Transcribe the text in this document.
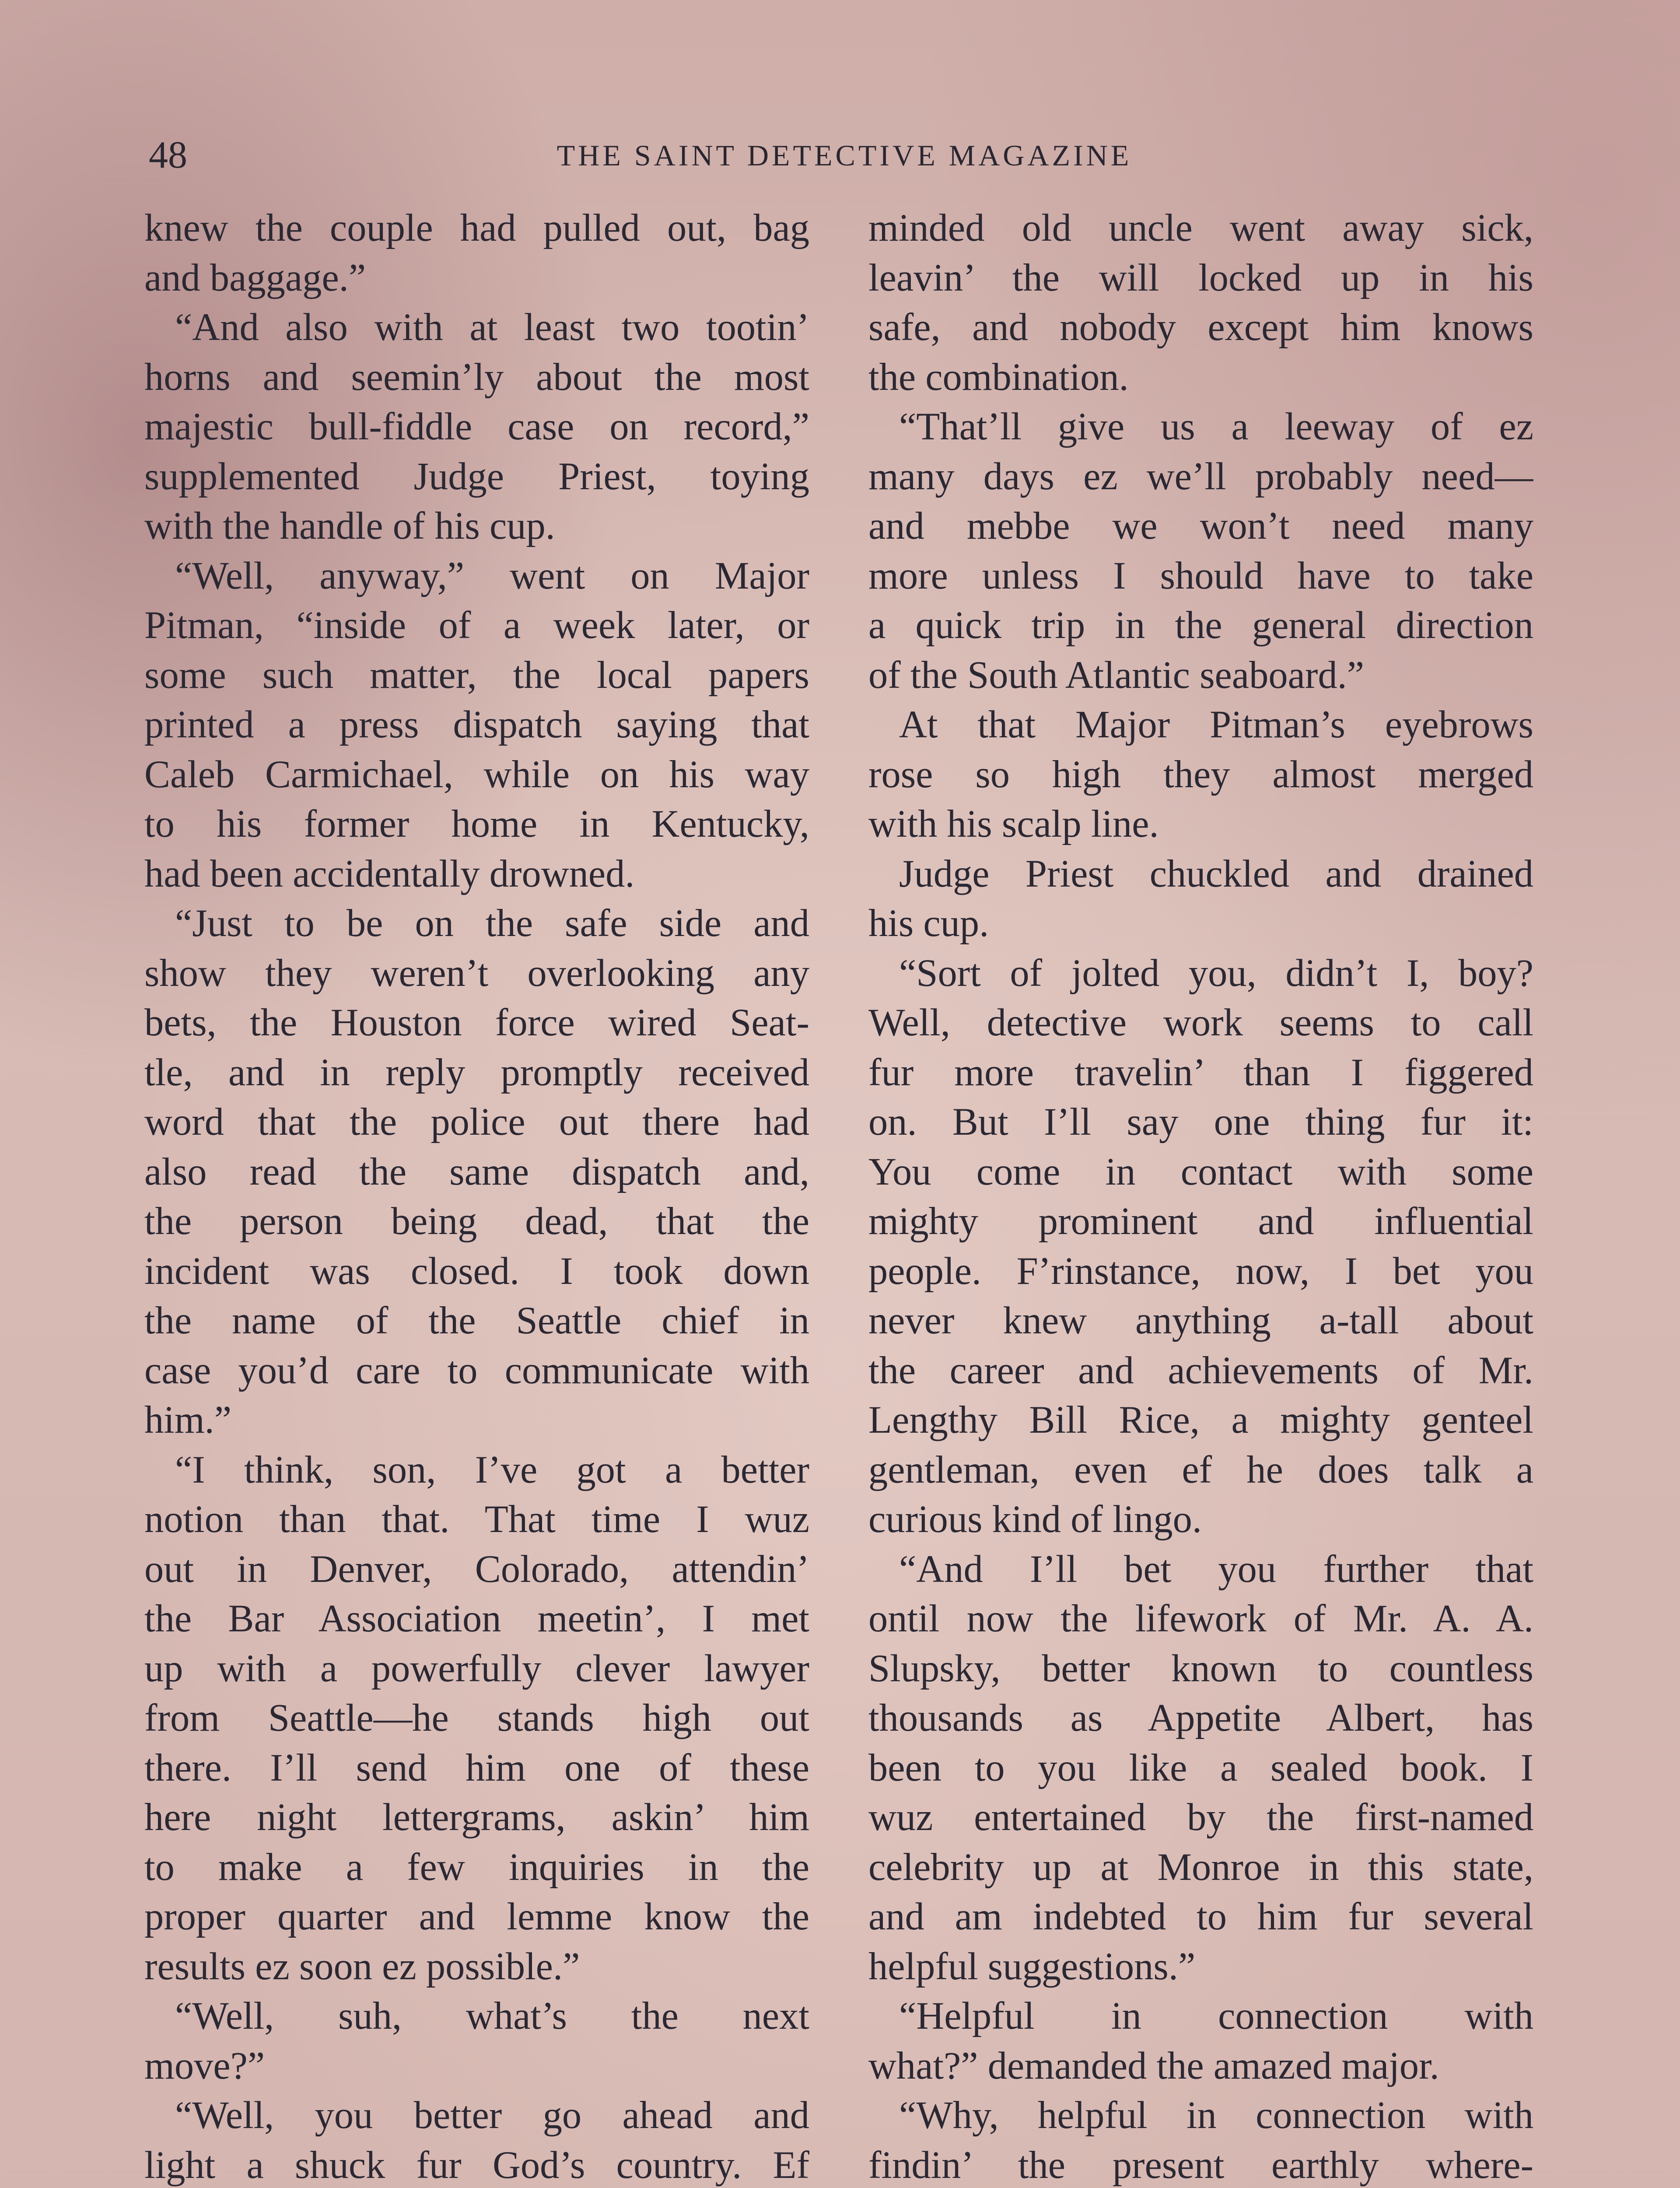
48	THE SAINT DETECTIVE MAGAZINE
knew the couple had pulled out, bag
and baggage.”
“And also with at least two tootin’
horns and seemin’ly about the most
majestic bull-fiddle case on record,”
supplemented Judge Priest, toying
with the handle of his cup.
“Well, anyway,” went on Major
Pitman, “inside of a week later, or
some such matter, the local papers
printed a press dispatch saying that
Caleb Carmichael, while on his way
to his former home in Kentucky,
had been accidentally drowned.
“Just to be on the safe side and
show they weren’t overlooking any
bets, the Houston force wired Seat-
tle, and in reply promptly received
word that the police out there had
also read the same dispatch and,
the person being dead, that the
incident was closed. I took down
the name of the Seattle chief in
case you’d care to communicate with
him.”
“I think, son, I’ve got a better
notion than that. That time I wuz
out in Denver, Colorado, attendin’
the Bar Association meetin’, I met
up with a powerfully clever lawyer
from Seattle—he stands high out
there. I’ll send him one of these
here night lettergrams, askin’ him
to make a few inquiries in the
proper quarter and lemme know the
results ez soon ez possible.”
“Well, suh, what’s the next
move?”
“Well, you better go ahead and
light a shuck fur God’s country. Ef
minded old uncle went away sick,
leavin’ the will locked up in his
safe, and nobody except him knows
the combination.
“That’ll give us a leeway of ez
many days ez we’ll probably need—
and mebbe we won’t need many
more unless I should have to take
a quick trip in the general direction
of the South Atlantic seaboard.”
At that Major Pitman’s eyebrows
rose so high they almost merged
with his scalp line.
Judge Priest chuckled and drained
his cup.
“Sort of jolted you, didn’t I, boy?
Well, detective work seems to call
fur more travelin’ than I figgered
on. But I’ll say one thing fur it:
You come in contact with some
mighty prominent and influential
people. F’rinstance, now, I bet you
never knew anything a-tall about
the career and achievements of Mr.
Lengthy Bill Rice, a mighty genteel
gentleman, even ef he does talk a
curious kind of lingo.
“And I’ll bet you further that
ontil now the lifework of Mr. A. A.
Slupsky, better known to countless
thousands as Appetite Albert, has
been to you like a sealed book. I
wuz entertained by the first-named
celebrity up at Monroe in this state,
and am indebted to him fur several
helpful suggestions.”
“Helpful in connection with
what?” demanded the amazed major.
“Why, helpful in connection with
findin’ the present earthly where-
